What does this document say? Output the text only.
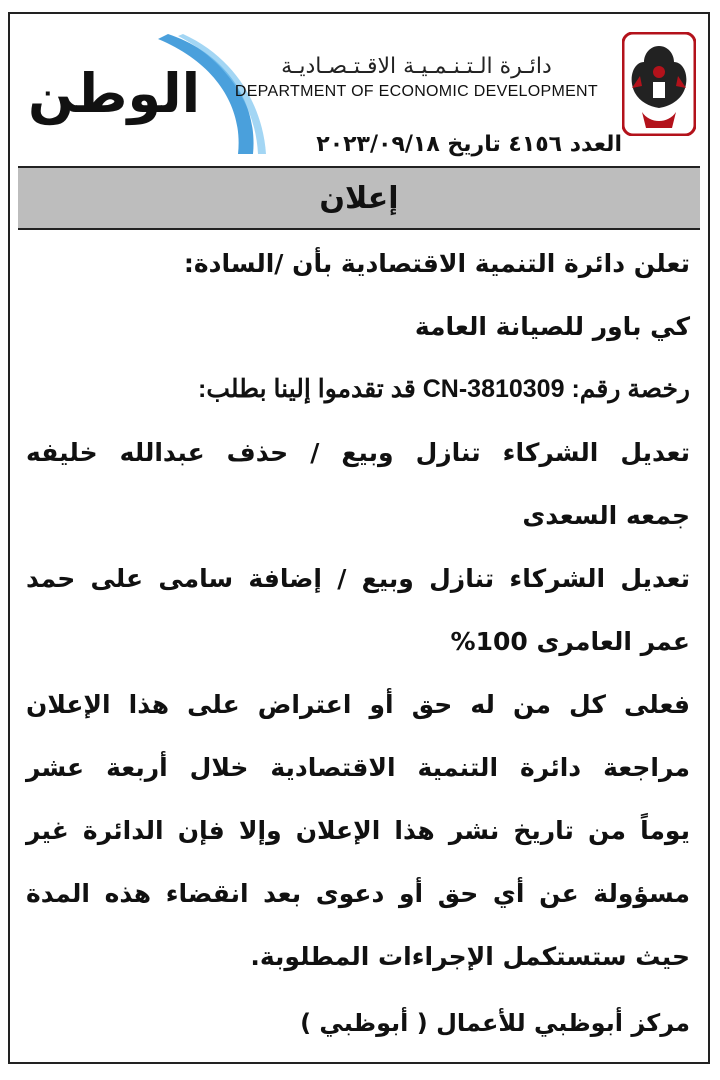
الوطن	دائـرة الـتـنـمـيـة الاقـتـصـاديـة
DEPARTMENT OF ECONOMIC DEVELOPMENT
العدد ٤١٥٦ تاريخ ٢٠٢٣/٠٩/١٨
إعلان

تعلن دائرة التنمية الاقتصادية بأن /السادة:

كي باور للصيانة العامة

رخصة رقم: CN-3810309 قد تقدموا إلينا بطلب:

تعديل الشركاء تنازل وبيع / حذف عبدالله خليفه

جمعه السعدى

تعديل الشركاء تنازل وبيع / إضافة سامى على حمد

عمر العامرى 100%

فعلى كل من له حق أو اعتراض على هذا الإعلان

مراجعة دائرة التنمية الاقتصادية خلال أربعة عشر

يوماً من تاريخ نشر هذا الإعلان وإلا فإن الدائرة غير

مسؤولة عن أي حق أو دعوى بعد انقضاء هذه المدة

حيث ستستكمل الإجراءات المطلوبة.

مركز أبوظبي للأعمال ( أبوظبي )
